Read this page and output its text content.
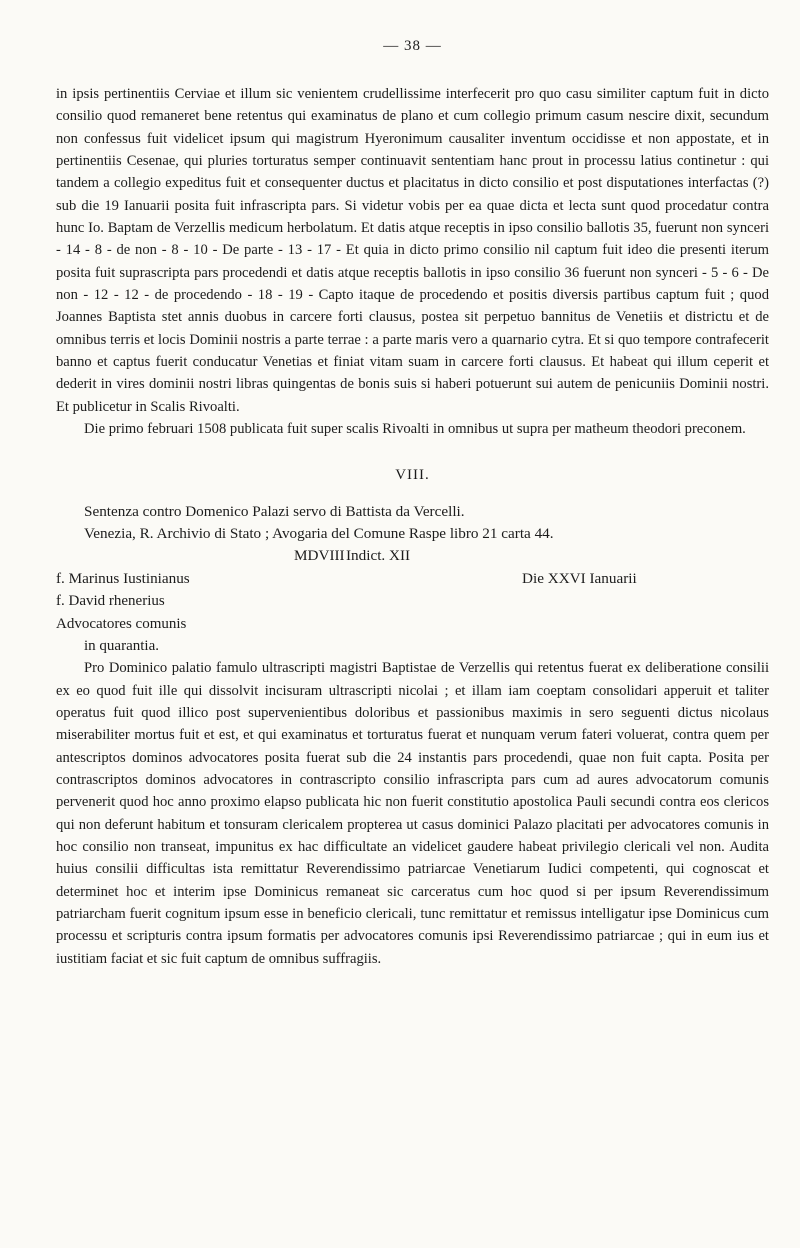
— 38 —

in ipsis pertinentiis Cerviae et illum sic venientem crudellissime interfecerit pro quo casu similiter captum fuit in dicto consilio quod remaneret bene retentus qui examinatus de plano et cum collegio primum casum nescire dixit, secundum non confessus fuit videlicet ipsum qui magistrum Hyeronimum causaliter inventum occidisse et non appostate, et in pertinentiis Cesenae, qui pluries torturatus semper continuavit sententiam hanc prout in processu latius continetur : qui tandem a collegio expeditus fuit et consequenter ductus et placitatus in dicto consilio et post disputationes interfactas (?) sub die 19 Ianuarii posita fuit infrascripta pars. Si videtur vobis per ea quae dicta et lecta sunt quod procedatur contra hunc Io. Baptam de Verzellis medicum herbolatum. Et datis atque receptis in ipso consilio ballotis 35, fuerunt non synceri - 14 - 8 - de non - 8 - 10 - De parte - 13 - 17 - Et quia in dicto primo consilio nil captum fuit ideo die presenti iterum posita fuit suprascripta pars procedendi et datis atque receptis ballotis in ipso consilio 36 fuerunt non synceri - 5 - 6 - De non - 12 - 12 - de procedendo - 18 - 19 - Capto itaque de procedendo et positis diversis partibus captum fuit ; quod Joannes Baptista stet annis duobus in carcere forti clausus, postea sit perpetuo bannitus de Venetiis et districtu et de omnibus terris et locis Dominii nostris a parte terrae : a parte maris vero a quarnario cytra. Et si quo tempore contrafecerit banno et captus fuerit conducatur Venetias et finiat vitam suam in carcere forti clausus. Et habeat qui illum ceperit et dederit in vires dominii nostri libras quingentas de bonis suis si haberi potuerunt sui autem de penicuniis Dominii nostri. Et publicetur in Scalis Rivoalti.

Die primo februari 1508 publicata fuit super scalis Rivoalti in omnibus ut supra per matheum theodori preconem.

VIII.

Sentenza contro Domenico Palazi servo di Battista da Vercelli.

Venezia, R. Archivio di Stato ; Avogaria del Comune Raspe libro 21 carta 44.

MDVIII Indict. XII
f. Marinus Iustinianus	Die XXVI Ianuarii

f. David rhenerius

Advocatores comunis

in quarantia.

Pro Dominico palatio famulo ultrascripti magistri Baptistae de Verzellis qui retentus fuerat ex deliberatione consilii ex eo quod fuit ille qui dissolvit incisuram ultrascripti nicolai ; et illam iam coeptam consolidari apperuit et taliter operatus fuit quod illico post supervenientibus doloribus et passionibus maximis in sero seguenti dictus nicolaus miserabiliter mortus fuit et est, et qui examinatus et torturatus fuerat et nunquam verum fateri voluerat, contra quem per antescriptos dominos advocatores posita fuerat sub die 24 instantis pars procedendi, quae non fuit capta. Posita per contrascriptos dominos advocatores in contrascripto consilio infrascripta pars cum ad aures advocatorum comunis pervenerit quod hoc anno proximo elapso publicata hic non fuerit constitutio apostolica Pauli secundi contra eos clericos qui non deferunt habitum et tonsuram clericalem propterea ut casus dominici Palazo placitati per advocatores comunis in hoc consilio non transeat, impunitus ex hac difficultate an videlicet gaudere habeat privilegio clericali vel non. Audita huius consilii difficultas ista remittatur Reverendissimo patriarcae Venetiarum Iudici competenti, qui cognoscat et determinet hoc et interim ipse Dominicus remaneat sic carceratus cum hoc quod si per ipsum Reverendissimum patriarcham fuerit cognitum ipsum esse in beneficio clericali, tunc remittatur et remissus intelligatur ipse Dominicus cum processu et scripturis contra ipsum formatis per advocatores comunis ipsi Reverendissimo patriarcae ; qui in eum ius et iustitiam faciat et sic fuit captum de omnibus suffragiis.
